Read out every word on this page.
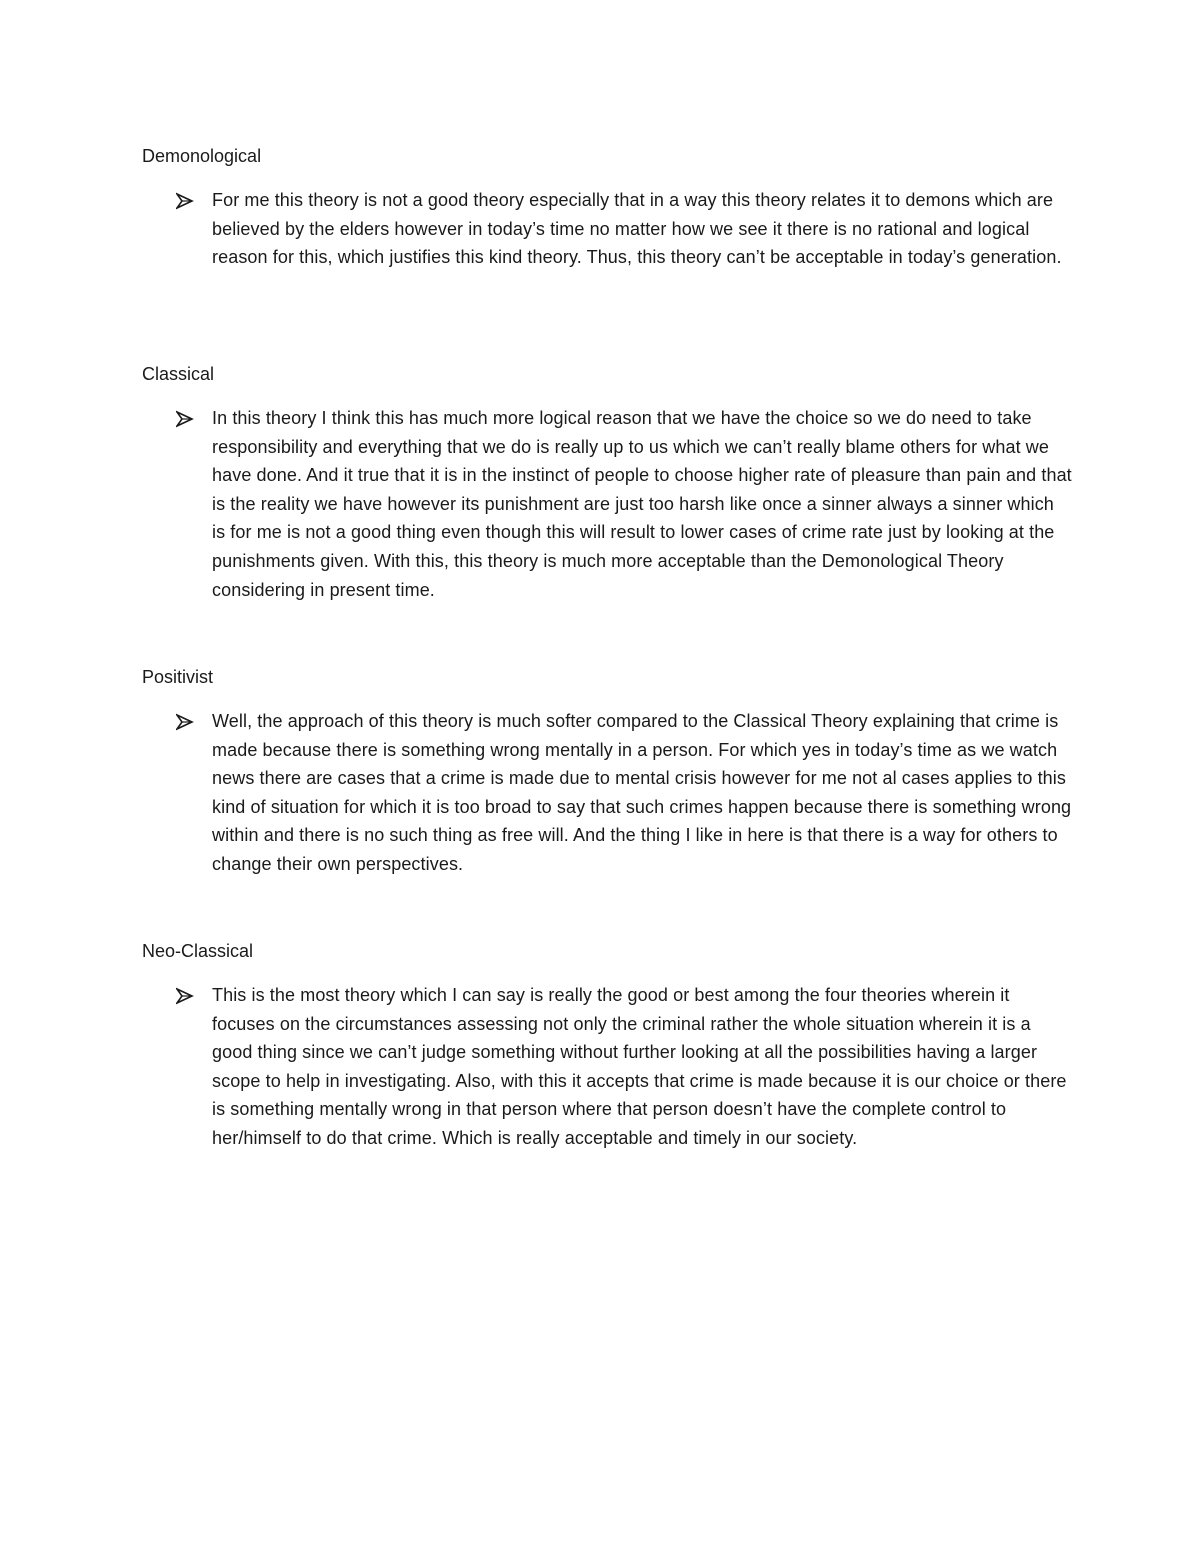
Demonological

For me this theory is not a good theory especially that in a way this theory relates it to demons which are believed by the elders however in today’s time no matter how we see it there is no rational and logical reason for this, which justifies this kind theory. Thus, this theory can’t be acceptable in today’s generation.

Classical

In this theory I think this has much more logical reason that we have the choice so we do need to take responsibility and everything that we do is really up to us which we can’t really blame others for what we have done. And it true that it is in the instinct of people to choose higher rate of pleasure than pain and that is the reality we have however its punishment are just too harsh like once a sinner always a sinner which is for me is not a good thing even though this will result to lower cases of crime rate just by looking at the punishments given. With this, this theory is much more acceptable than the Demonological Theory considering in present time.

Positivist

Well, the approach of this theory is much softer compared to the Classical Theory explaining that crime is made because there is something wrong mentally in a person. For which yes in today’s time as we watch news there are cases that a crime is made due to mental crisis however for me not al cases applies to this kind of situation for which it is too broad to say that such crimes happen because there is something wrong within and there is no such thing as free will. And the thing I like in here is that there is a way for others to change their own perspectives.

Neo-Classical

This is the most theory which I can say is really the good or best among the four theories wherein it focuses on the circumstances assessing not only the criminal rather the whole situation wherein it is a good thing since we can’t judge something without further looking at all the possibilities having a larger scope to help in investigating. Also, with this it accepts that crime is made because it is our choice or there is something mentally wrong in that person where that person doesn’t have the complete control to her/himself to do that crime. Which is really acceptable and timely in our society.
